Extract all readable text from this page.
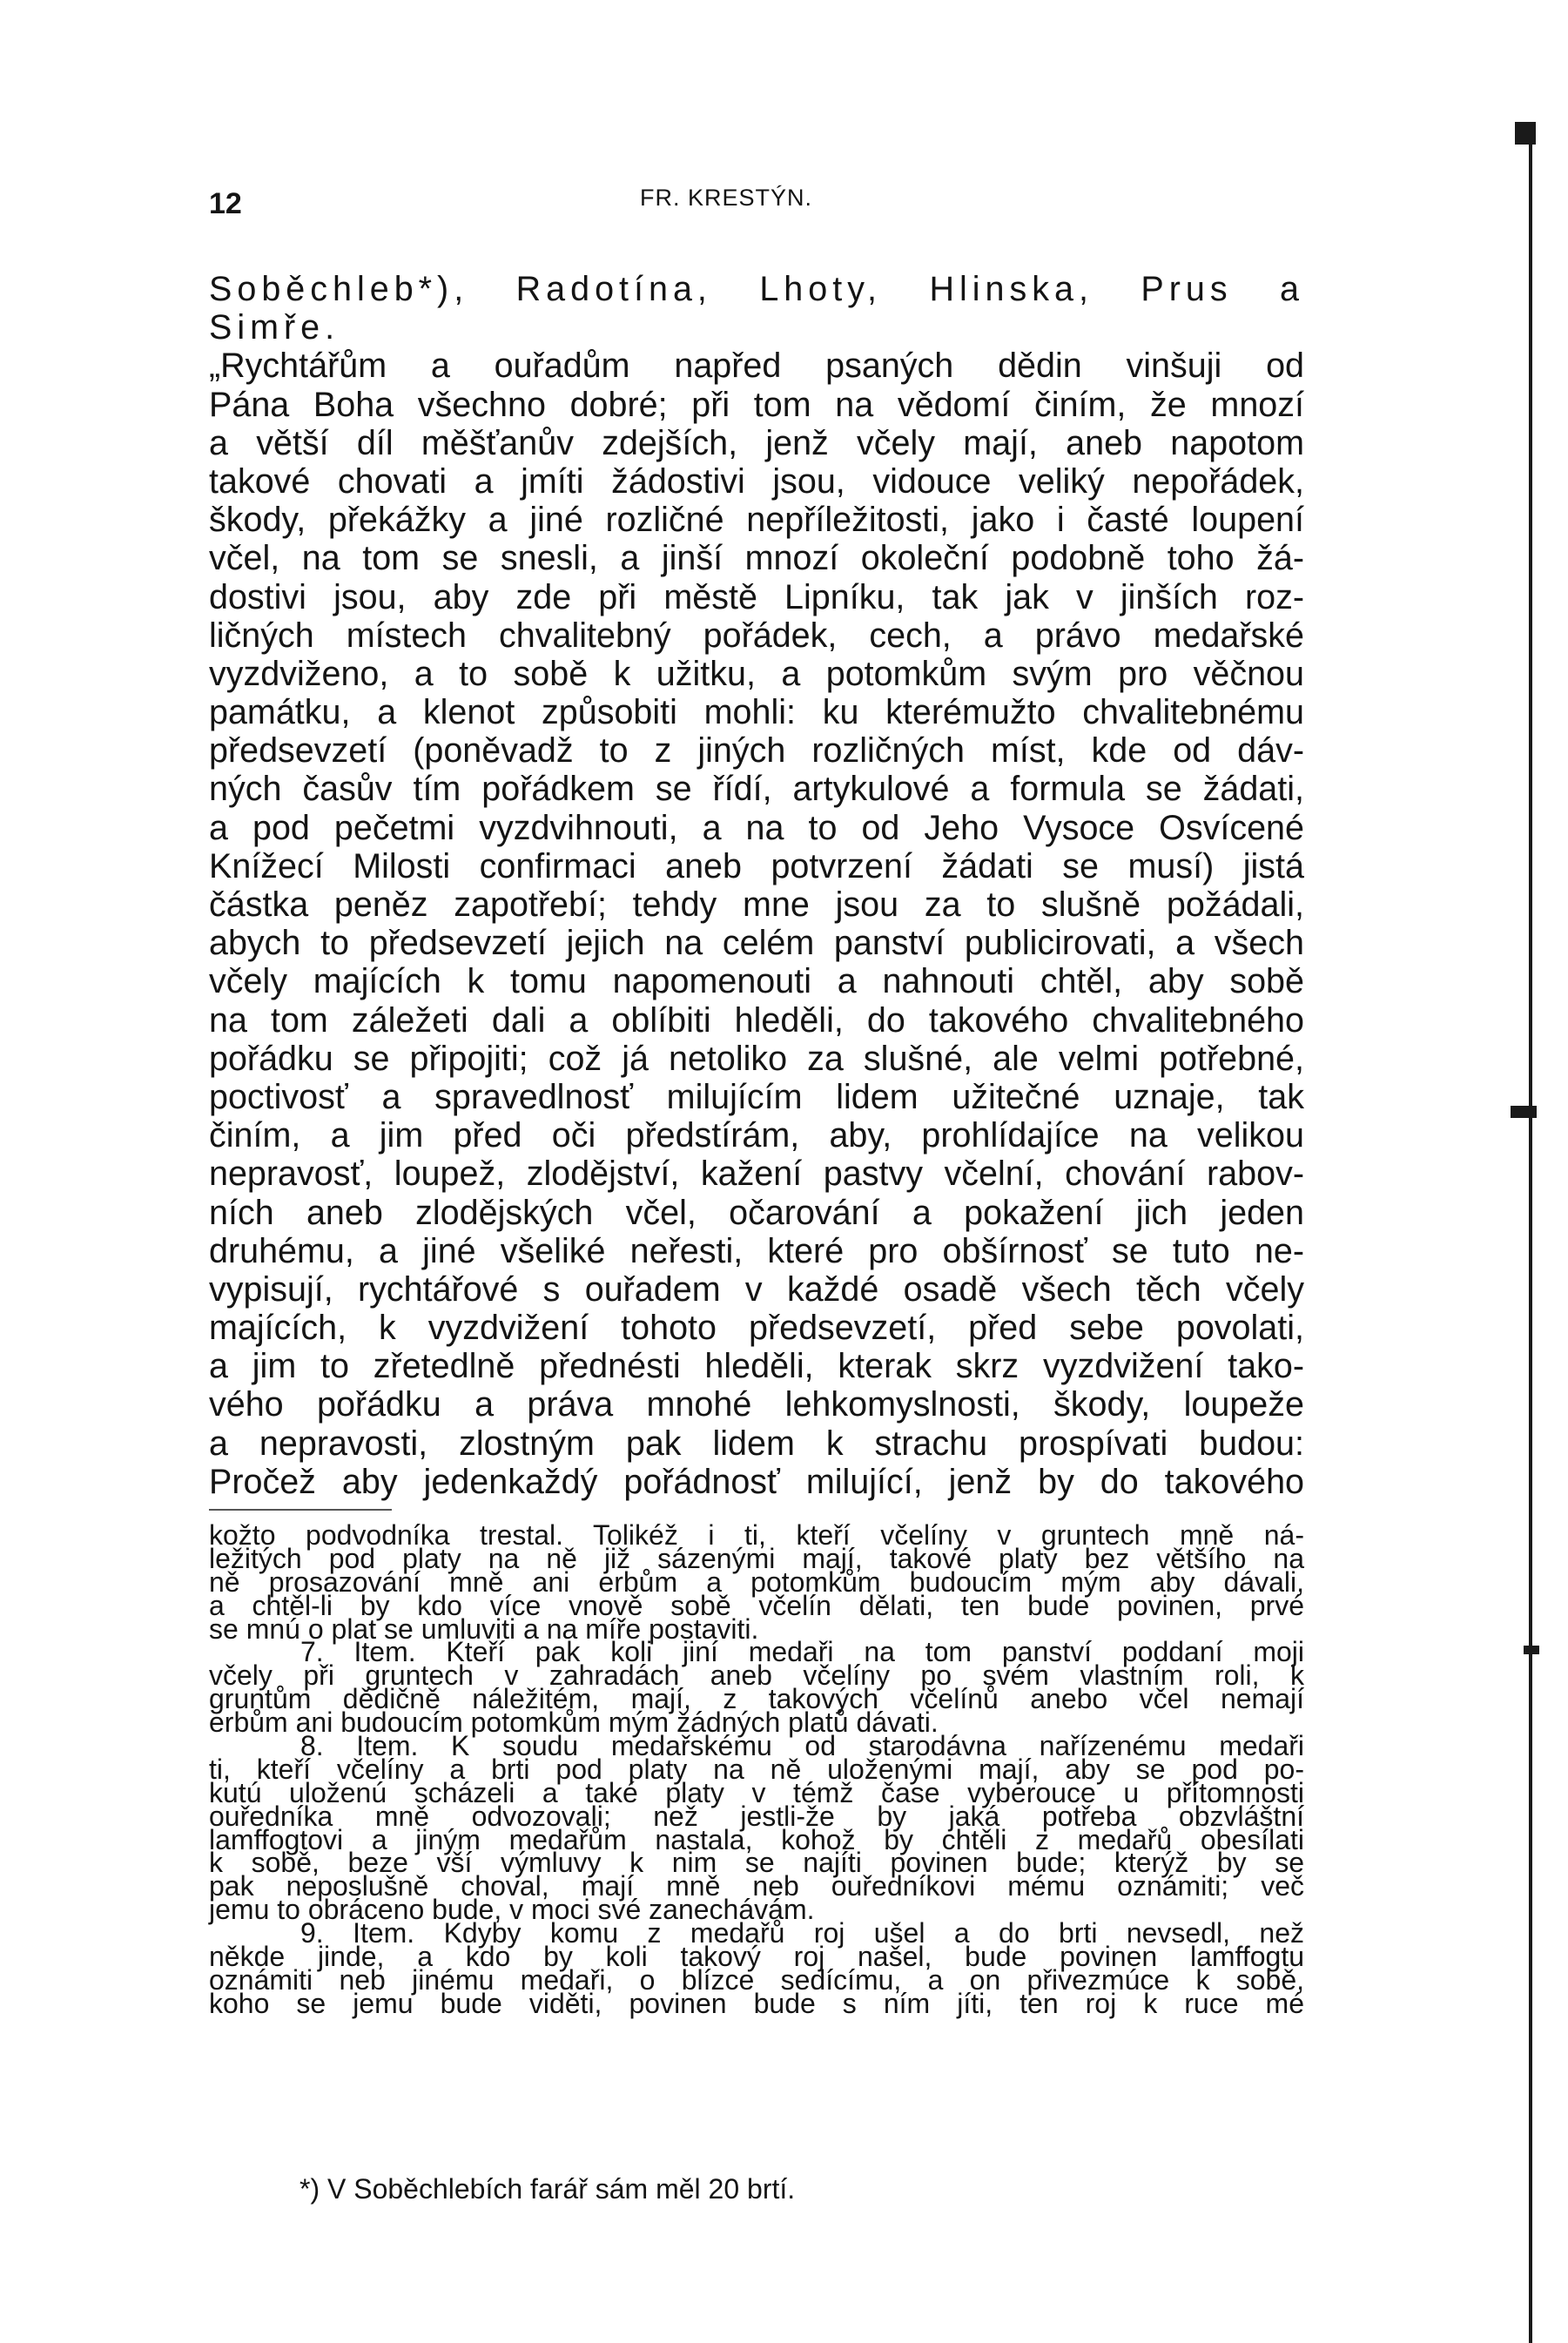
12	FR. KRESTÝN.
Soběchleb*), Radotína, Lhoty, Hlinska, Prus a
Simře.
„Rychtářům a ouřadům napřed psaných dědin vinšuji od
Pána Boha všechno dobré; při tom na vědomí činím, že mnozí
a větší díl měšťanův zdejších, jenž včely mají, aneb napotom
takové chovati a jmíti žádostivi jsou, vidouce veliký nepořádek,
škody, překážky a jiné rozličné nepříležitosti, jako i časté loupení
včel, na tom se snesli, a jinší mnozí okoleční podobně toho žá-
dostivi jsou, aby zde při městě Lipníku, tak jak v jinších roz-
ličných místech chvalitebný pořádek, cech, a právo medařské
vyzdviženo, a to sobě k užitku, a potomkům svým pro věčnou
památku, a klenot způsobiti mohli: ku kterémužto chvalitebnému
předsevzetí (poněvadž to z jiných rozličných míst, kde od dáv-
ných časův tím pořádkem se řídí, artykulové a formula se žádati,
a pod pečetmi vyzdvihnouti, a na to od Jeho Vysoce Osvícené
Knížecí Milosti confirmaci aneb potvrzení žádati se musí) jistá
částka peněz zapotřebí; tehdy mne jsou za to slušně požádali,
abych to předsevzetí jejich na celém panství publicirovati, a všech
včely majících k tomu napomenouti a nahnouti chtěl, aby sobě
na tom záležeti dali a oblíbiti hleděli, do takového chvalitebného
pořádku se připojiti; což já netoliko za slušné, ale velmi potřebné,
poctivosť a spravedlnosť milujícím lidem užitečné uznaje, tak
činím, a jim před oči předstírám, aby, prohlídajíce na velikou
nepravosť, loupež, zlodějství, kažení pastvy včelní, chování rabov-
ních aneb zlodějských včel, očarování a pokažení jich jeden
druhému, a jiné všeliké neřesti, které pro obšírnosť se tuto ne-
vypisují, rychtářové s ouřadem v každé osadě všech těch včely
majících, k vyzdvižení tohoto předsevzetí, před sebe povolati,
a jim to zřetedlně přednésti hleděli, kterak skrz vyzdvižení tako-
vého pořádku a práva mnohé lehkomyslnosti, škody, loupeže
a nepravosti, zlostným pak lidem k strachu prospívati budou:
Pročež aby jedenkaždý pořádnosť milující, jenž by do takového
kožto podvodníka trestal. Tolikéž i ti, kteří včelíny v gruntech mně ná-
ležitých pod platy na ně již sázenými mají, takové platy bez většího na
ně prosazování mně ani erbům a potomkům budoucím mým aby dávali,
a chtěl-li by kdo více vnově sobě včelín dělati, ten bude povinen, prvé
se mnú o plat se umluviti a na míře postaviti.
7. Item. Kteří pak koli jiní medaři na tom panství poddaní moji
včely při gruntech v zahradách aneb včelíny po svém vlastním roli, k
gruntům dědičně náležitém, mají, z takových včelínů anebo včel nemají
erbům ani budoucím potomkům mým žádných platů dávati.
8. Item. K soudu medařskému od starodávna nařízenému medaři
ti, kteří včelíny a brti pod platy na ně uloženými mají, aby se pod po-
kutú uloženú scházeli a také platy v témž čase vyberouce u přítomnosti
ouředníka mně odvozovali; než jestli-že by jaká potřeba obzvláštní
lamffogtovi a jiným medařům nastala, kohož by chtěli z medařů obesílati
k sobě, beze vší výmluvy k nim se najíti povinen bude; kterýž by se
pak neposlušně choval, mají mně neb ouředníkovi mému oznámiti; več
jemu to obráceno bude, v moci své zanechávám.
9. Item. Kdyby komu z medařů roj ušel a do brti nevsedl, než
někde jinde, a kdo by koli takový roj našel, bude povinen lamffogtu
oznámiti neb jinému medaři, o blízce sedícímu, a on přivezmúce k sobě,
koho se jemu bude viděti, povinen bude s ním jíti, ten roj k ruce mé
*) V Soběchlebích farář sám měl 20 brtí.
